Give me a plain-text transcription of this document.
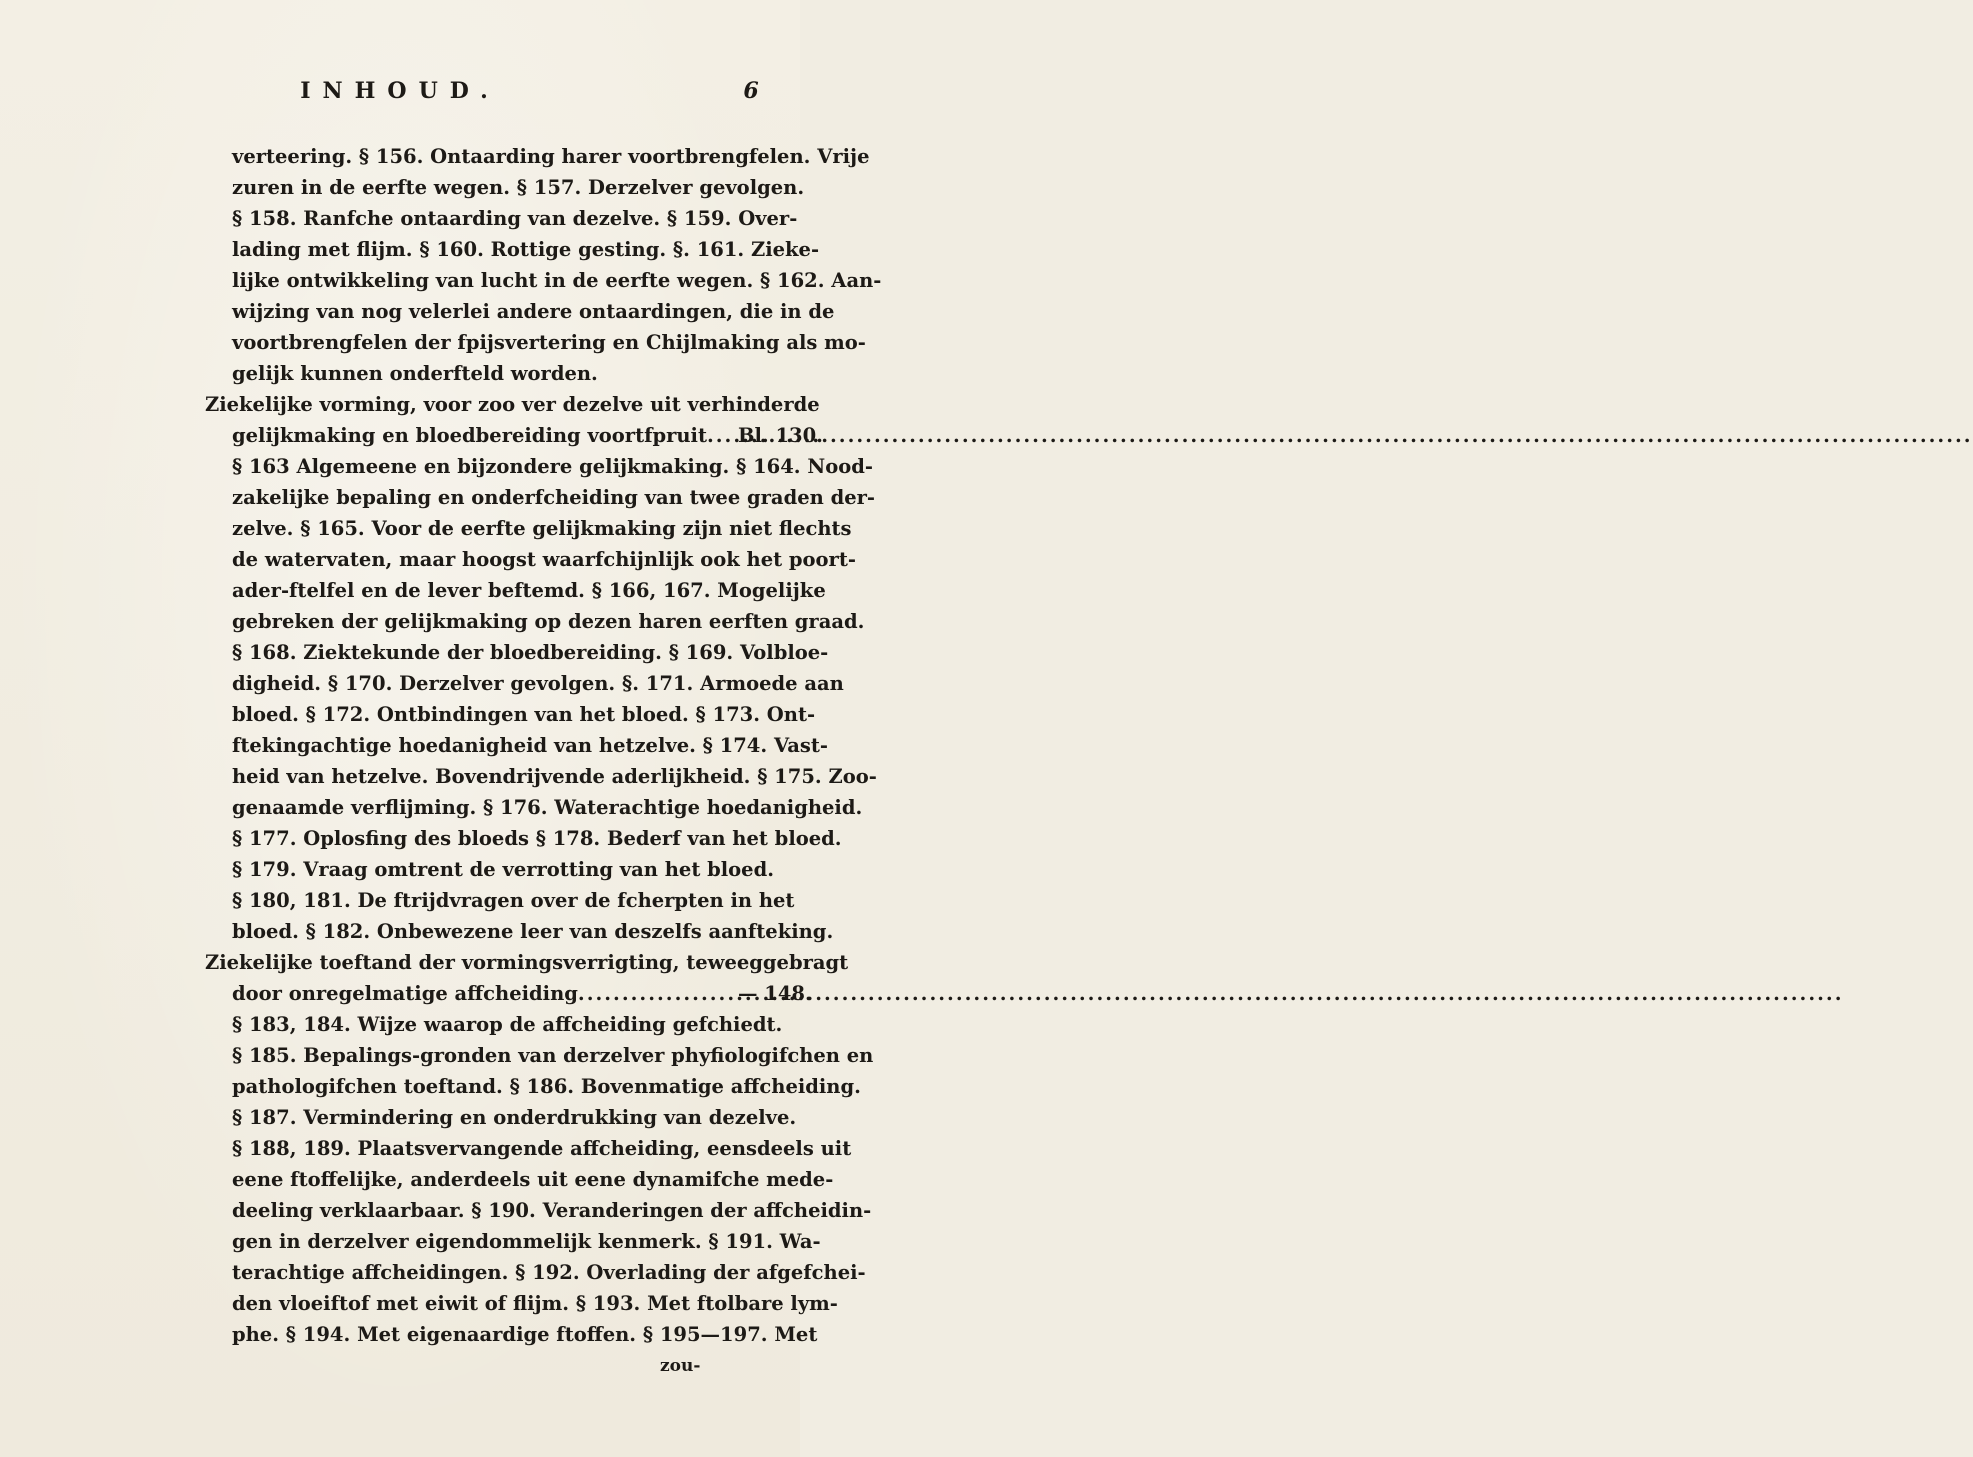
INHOUD.	6
verteering. § 156. Ontaarding harer voortbrengfelen. Vrije
zuren in de eerfte wegen. § 157. Derzelver gevolgen.
§ 158. Ranfche ontaarding van dezelve. § 159. Over-
lading met flijm. § 160. Rottige gesting. §. 161. Zieke-
lijke ontwikkeling van lucht in de eerfte wegen. § 162. Aan-
wijzing van nog velerlei andere ontaardingen, die in de
voortbrengfelen der fpijsvertering en Chijlmaking als mo-
gelijk kunnen onderfteld worden.
Ziekelijke vorming, voor zoo ver dezelve uit verhinderde
gelijkmaking en bloedbereiding voortfpruit ..... Bl. 130.
§ 163 Algemeene en bijzondere gelijkmaking. § 164. Nood-
zakelijke bepaling en onderfcheiding van twee graden der-
zelve. § 165. Voor de eerfte gelijkmaking zijn niet flechts
de watervaten, maar hoogst waarfchijnlijk ook het poort-
ader-ftelfel en de lever beftemd. § 166, 167. Mogelijke
gebreken der gelijkmaking op dezen haren eerften graad.
§ 168. Ziektekunde der bloedbereiding. § 169. Volbloe-
digheid. § 170. Derzelver gevolgen. §. 171. Armoede aan
bloed. § 172. Ontbindingen van het bloed. § 173. Ont-
ftekingachtige hoedanigheid van hetzelve. § 174. Vast-
heid van hetzelve. Bovendrijvende aderlijkheid. § 175. Zoo-
genaamde verflijming. § 176. Waterachtige hoedanigheid.
§ 177. Oplosfing des bloeds § 178. Bederf van het bloed.
§ 179. Vraag omtrent de verrotting van het bloed.
§ 180, 181. De ftrijdvragen over de fcherpten in het
bloed. § 182. Onbewezene leer van deszelfs aanfteking.
Ziekelijke toeftand der vormingsverrigting, teweeggebragt
door onregelmatige affcheiding .....	— 148.
§ 183, 184. Wijze waarop de affcheiding gefchiedt.
§ 185. Bepalings-gronden van derzelver phyfiologifchen en
pathologifchen toeftand. § 186. Bovenmatige affcheiding.
§ 187. Vermindering en onderdrukking van dezelve.
§ 188, 189. Plaatsvervangende affcheiding, eensdeels uit
eene ftoffelijke, anderdeels uit eene dynamifche mede-
deeling verklaarbaar. § 190. Veranderingen der affcheidin-
gen in derzelver eigendommelijk kenmerk. § 191. Wa-
terachtige affcheidingen. § 192. Overlading der afgefchei-
den vloeiftof met eiwit of flijm. § 193. Met ftolbare lym-
phe. § 194. Met eigenaardige ftoffen. § 195—197. Met
zou-
